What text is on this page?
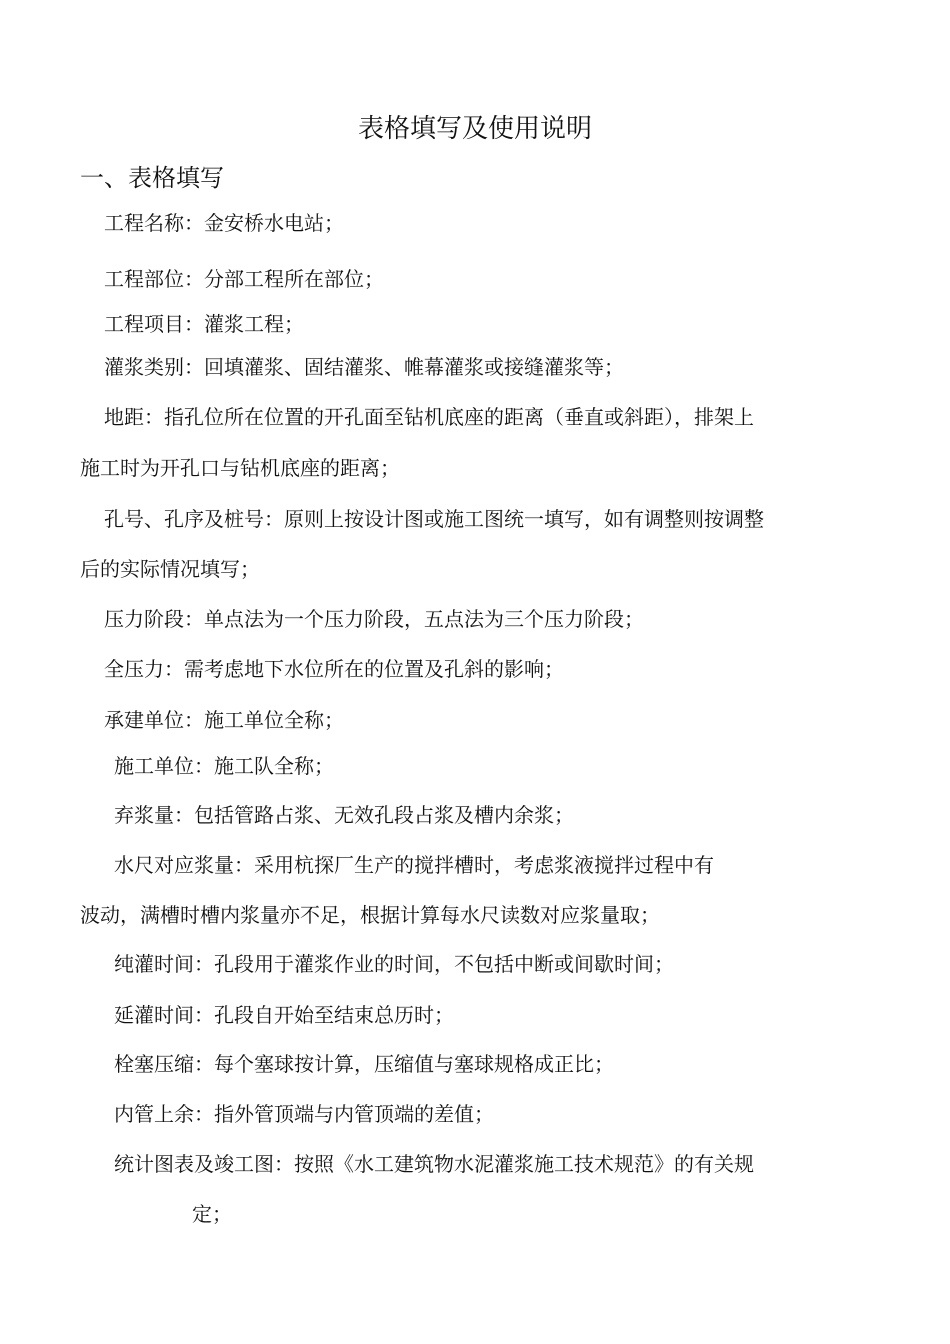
表格填写及使用说明
一、表格填写
工程名称：金安桥水电站；
工程部位：分部工程所在部位；
工程项目：灌浆工程；
灌浆类别：回填灌浆、固结灌浆、帷幕灌浆或接缝灌浆等；
地距：指孔位所在位置的开孔面至钻机底座的距离（垂直或斜距），排架上
施工时为开孔口与钻机底座的距离；
孔号、孔序及桩号：原则上按设计图或施工图统一填写，如有调整则按调整
后的实际情况填写；
压力阶段：单点法为一个压力阶段，五点法为三个压力阶段；
全压力：需考虑地下水位所在的位置及孔斜的影响；
承建单位：施工单位全称；
施工单位：施工队全称；
弃浆量：包括管路占浆、无效孔段占浆及槽内余浆；
水尺对应浆量：采用杭探厂生产的搅拌槽时，考虑浆液搅拌过程中有
波动，满槽时槽内浆量亦不足，根据计算每水尺读数对应浆量取；
纯灌时间：孔段用于灌浆作业的时间，不包括中断或间歇时间；
延灌时间：孔段自开始至结束总历时；
栓塞压缩：每个塞球按计算，压缩值与塞球规格成正比；
内管上余：指外管顶端与内管顶端的差值；
统计图表及竣工图：按照《水工建筑物水泥灌浆施工技术规范》的有关规
定；
